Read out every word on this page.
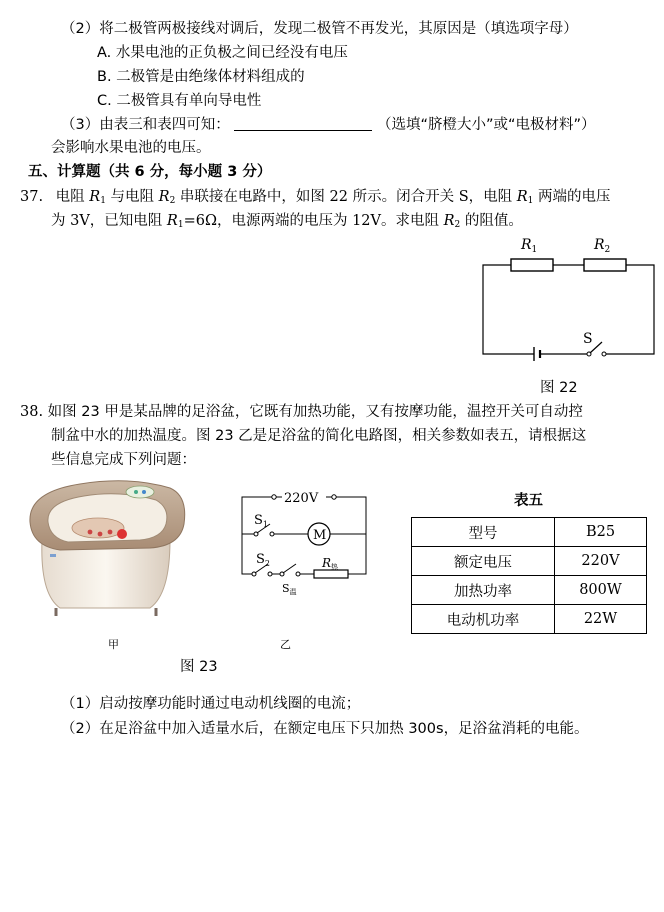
（2）将二极管两极接线对调后，发现二极管不再发光，其原因是（填选项字母）
A. 水果电池的正负极之间已经没有电压
B. 二极管是由绝缘体材料组成的
C. 二极管具有单向导电性
（3）由表三和表四可知：	（选填“脐橙大小”或“电极材料”）
会影响水果电池的电压。
五、计算题（共 6 分，每小题 3 分）
37. 电阻 $R_1$ 与电阻 $R_2$ 串联接在电路中，如图 22 所示。闭合开关 S，电阻 $R_1$ 两端的电压
为 3V，已知电阻 $R_1=6\Omega$，电源两端的电压为 12V。求电阻 $R_2$ 的阻值。
$R_1$	$R_2$
S
图 22
38. 如图 23 甲是某品牌的足浴盆，它既有加热功能，又有按摩功能，温控开关可自动控
制盆中水的加热温度。图 23 乙是足浴盆的简化电路图，相关参数如表五，请根据这
些信息完成下列问题：
甲
220V
$S_1$
M
$S_2$	R热
S温
乙
图 23
表五
型号	B25
额定电压	220V
加热功率	800W
电动机功率	22W
（1）启动按摩功能时通过电动机线圈的电流；
（2）在足浴盆中加入适量水后，在额定电压下只加热 300s，足浴盆消耗的电能。
